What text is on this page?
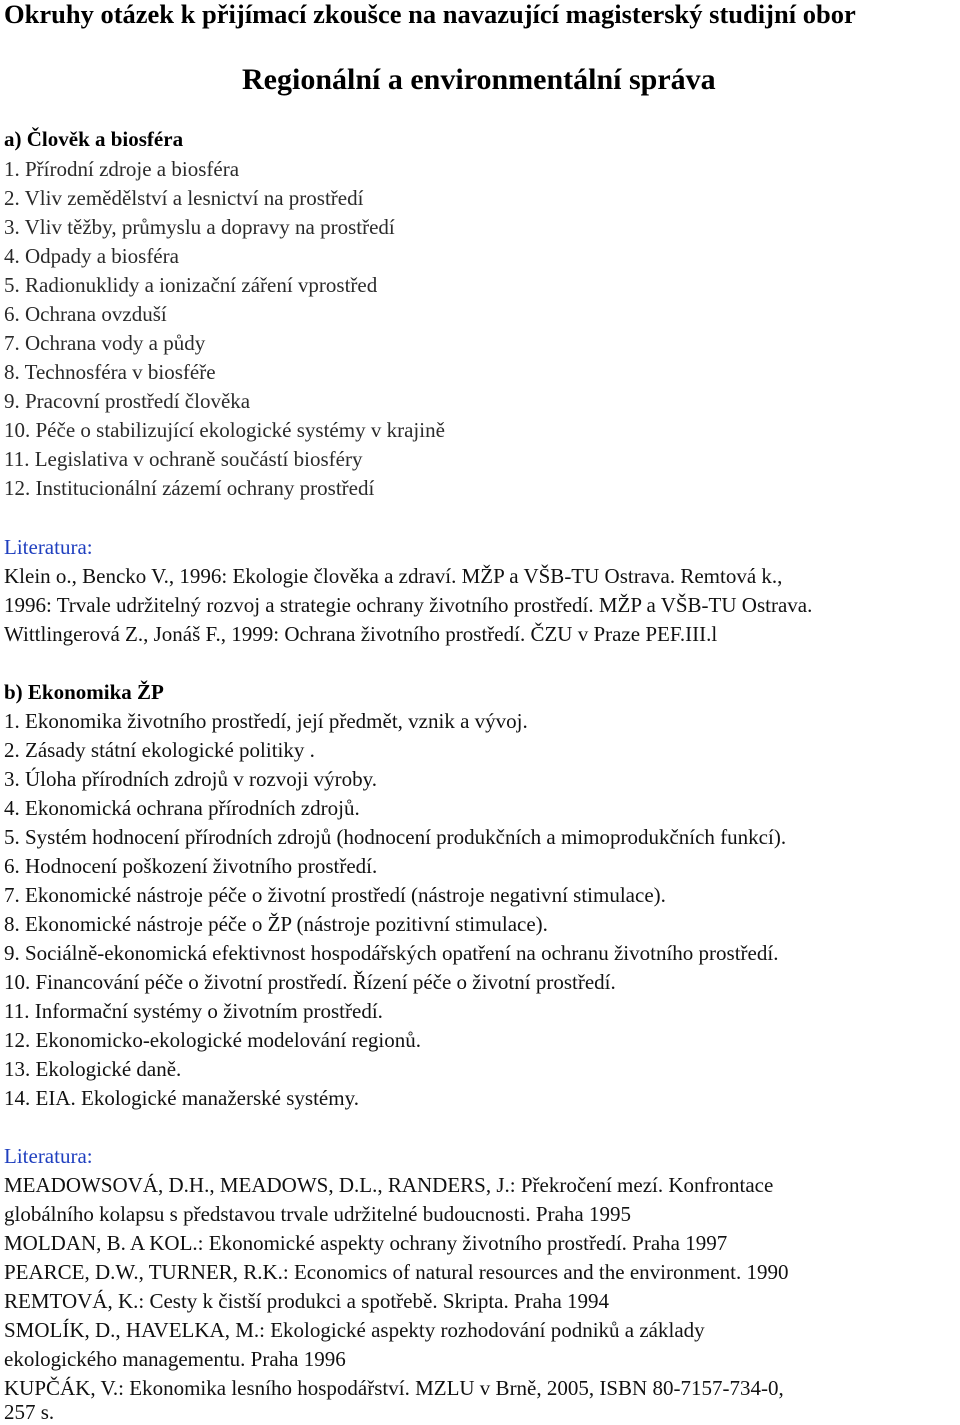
Okruhy otázek k přijímací zkoušce na navazující magisterský studijní obor
Regionální a environmentální správa
a) Člověk a biosféra
1. Přírodní zdroje a biosféra
2. Vliv zemědělství a lesnictví na prostředí
3. Vliv těžby, průmyslu a dopravy na prostředí
4. Odpady a biosféra
5. Radionuklidy a ionizační záření vprostřed
6. Ochrana ovzduší
7. Ochrana vody a půdy
8. Technosféra v biosféře
9. Pracovní prostředí člověka
10. Péče o stabilizující ekologické systémy v krajině
11. Legislativa v ochraně součástí biosféry
12. Institucionální zázemí ochrany prostředí
Literatura:
Klein o., Bencko V., 1996: Ekologie člověka a zdraví. MŽP a VŠB-TU Ostrava. Remtová k.,
1996: Trvale udržitelný rozvoj a strategie ochrany životního prostředí. MŽP a VŠB-TU Ostrava.
Wittlingerová Z., Jonáš F., 1999: Ochrana životního prostředí. ČZU v Praze PEF.III.l
b) Ekonomika ŽP
1. Ekonomika životního prostředí, její předmět, vznik a vývoj.
2. Zásady státní ekologické politiky .
3. Úloha přírodních zdrojů v rozvoji výroby.
4. Ekonomická ochrana přírodních zdrojů.
5. Systém hodnocení přírodních zdrojů (hodnocení produkčních a mimoprodukčních funkcí).
6. Hodnocení poškození životního prostředí.
7. Ekonomické nástroje péče o životní prostředí (nástroje negativní stimulace).
8. Ekonomické nástroje péče o ŽP (nástroje pozitivní stimulace).
9. Sociálně-ekonomická efektivnost hospodářských opatření na ochranu životního prostředí.
10. Financování péče o životní prostředí. Řízení péče o životní prostředí.
11. Informační systémy o životním prostředí.
12. Ekonomicko-ekologické modelování regionů.
13. Ekologické daně.
14. EIA. Ekologické manažerské systémy.
Literatura:
MEADOWSOVÁ, D.H., MEADOWS, D.L., RANDERS, J.: Překročení mezí. Konfrontace
globálního kolapsu s představou trvale udržitelné budoucnosti. Praha 1995
MOLDAN, B. A KOL.: Ekonomické aspekty ochrany životního prostředí. Praha 1997
PEARCE, D.W., TURNER, R.K.: Economics of natural resources and the environment. 1990
REMTOVÁ, K.: Cesty k čistší produkci a spotřebě. Skripta. Praha 1994
SMOLÍK, D., HAVELKA, M.: Ekologické aspekty rozhodování podniků a základy
ekologického managementu. Praha 1996
KUPČÁK, V.: Ekonomika lesního hospodářství. MZLU v Brně, 2005, ISBN 80-7157-734-0,
257 s.
